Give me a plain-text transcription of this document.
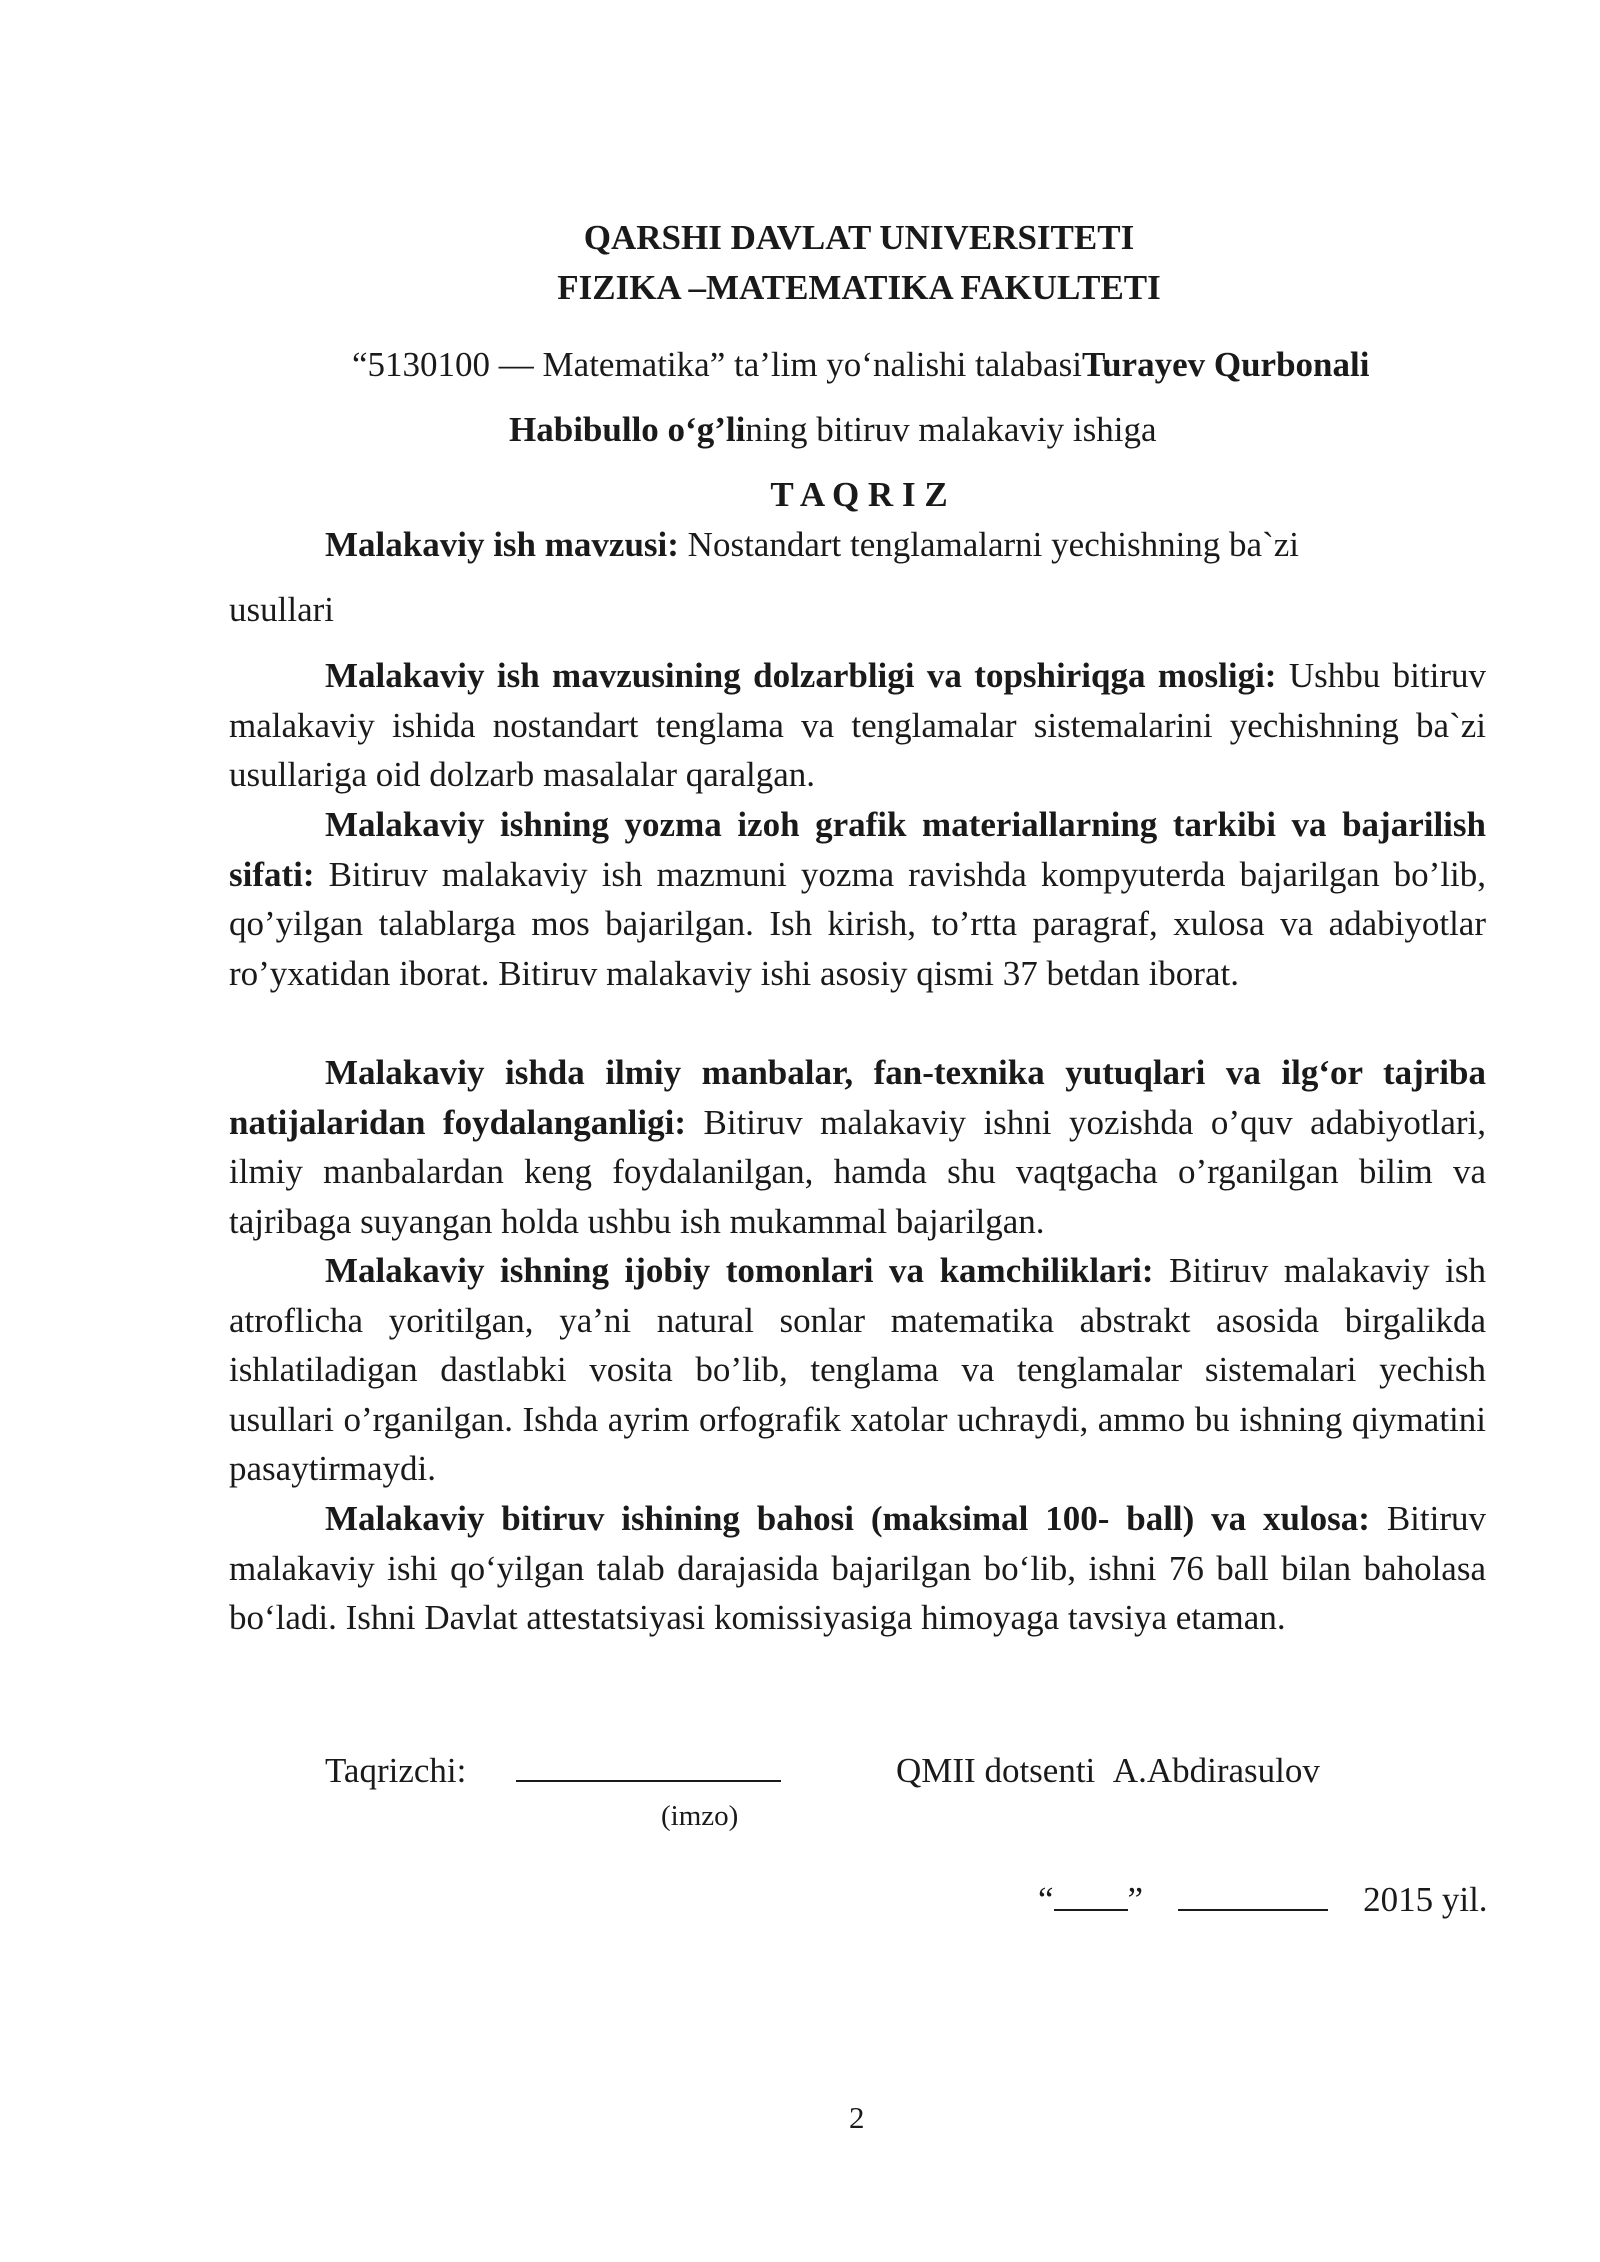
QARSHI DAVLAT UNIVERSITETI
FIZIKA –MATEMATIKA FAKULTETI
“5130100 — Matematika” ta’lim yo‘nalishi talabasiTurayev Qurbonali
Habibullo o‘g’lining bitiruv malakaviy ishiga
T A Q R I Z
Malakaviy ish mavzusi: Nostandart tenglamalarni yechishning ba`zi
usullari
Malakaviy ish mavzusining dolzarbligi va topshiriqga mosligi: Ushbu bitiruv malakaviy ishida nostandart tenglama va tenglamalar sistemalarini yechishning ba`zi usullariga oid dolzarb masalalar qaralgan.
Malakaviy ishning yozma izoh grafik materiallarning tarkibi va bajarilish sifati: Bitiruv malakaviy ish mazmuni yozma ravishda kompyuterda bajarilgan bo’lib, qo’yilgan talablarga mos bajarilgan. Ish kirish, to’rtta paragraf, xulosa va adabiyotlar ro’yxatidan iborat. Bitiruv malakaviy ishi asosiy qismi 37 betdan iborat.
Malakaviy ishda ilmiy manbalar, fan-texnika yutuqlari va ilg‘or tajriba natijalaridan foydalanganligi: Bitiruv malakaviy ishni yozishda o’quv adabiyotlari, ilmiy manbalardan keng foydalanilgan, hamda shu vaqtgacha o’rganilgan bilim va tajribaga suyangan holda ushbu ish mukammal bajarilgan.
Malakaviy ishning ijobiy tomonlari va kamchiliklari: Bitiruv malakaviy ish atroflicha yoritilgan, ya’ni natural sonlar matematika abstrakt asosida birgalikda ishlatiladigan dastlabki vosita bo’lib, tenglama va tenglamalar sistemalari yechish usullari o’rganilgan. Ishda ayrim orfografik xatolar uchraydi, ammo bu ishning qiymatini pasaytirmaydi.
Malakaviy bitiruv ishining bahosi (maksimal 100- ball) va xulosa: Bitiruv malakaviy ishi qo‘yilgan talab darajasida bajarilgan bo‘lib, ishni 76 ball bilan baholasa bo‘ladi. Ishni Davlat attestatsiyasi komissiyasiga himoyaga tavsiya etaman.
Taqrizchi:
(imzo)
QMII dotsenti A.Abdirasulov
“ ”	2015 yil.
2
